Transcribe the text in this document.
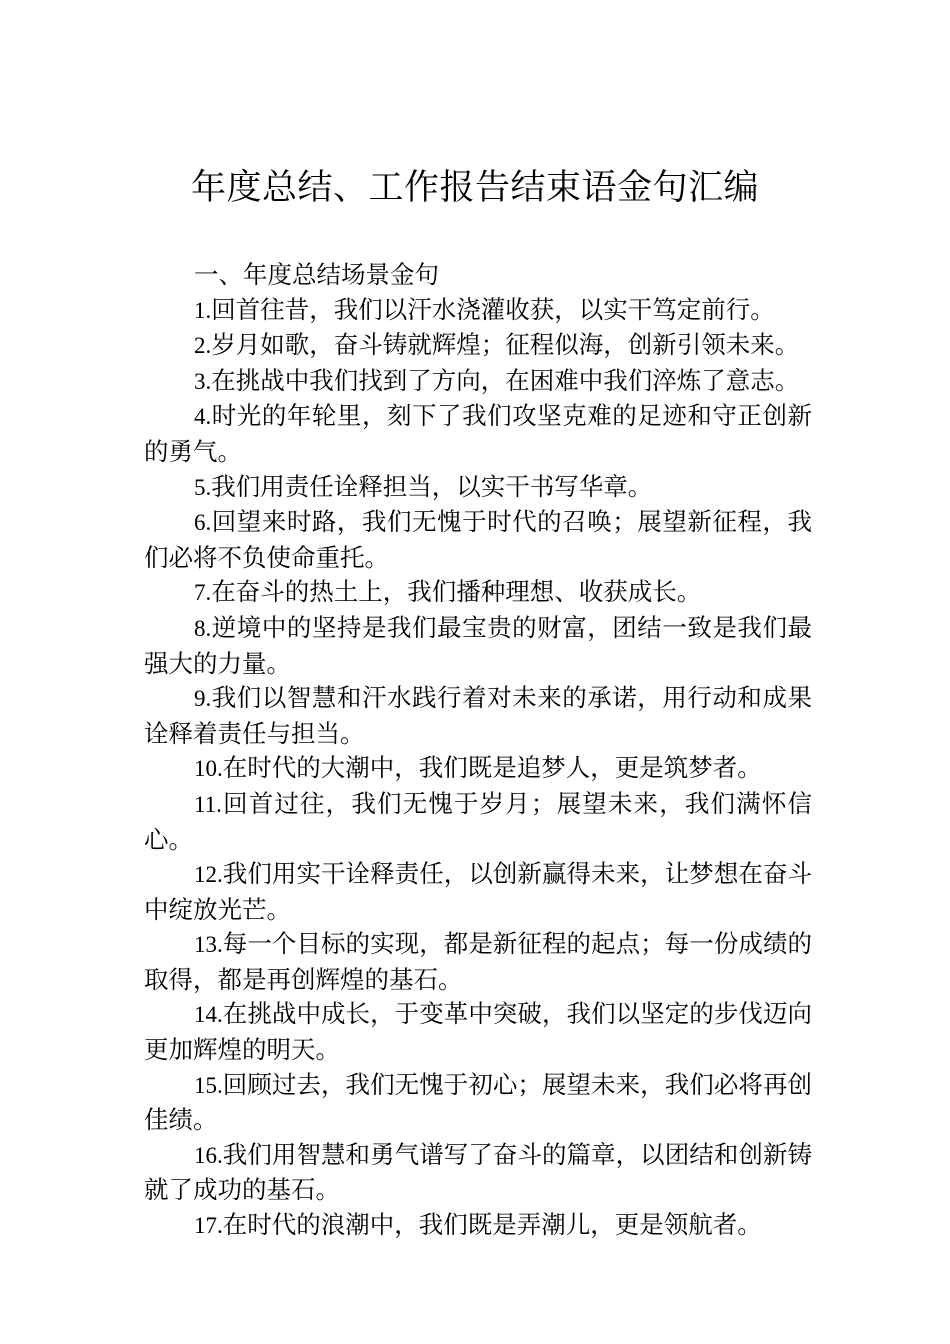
年度总结、工作报告结束语金句汇编
一、年度总结场景金句

1.回首往昔，我们以汗水浇灌收获，以实干笃定前行。

2.岁月如歌，奋斗铸就辉煌；征程似海，创新引领未来。

3.在挑战中我们找到了方向，在困难中我们淬炼了意志。

4.时光的年轮里，刻下了我们攻坚克难的足迹和守正创新的勇气。

5.我们用责任诠释担当，以实干书写华章。

6.回望来时路，我们无愧于时代的召唤；展望新征程，我们必将不负使命重托。

7.在奋斗的热土上，我们播种理想、收获成长。

8.逆境中的坚持是我们最宝贵的财富，团结一致是我们最强大的力量。

9.我们以智慧和汗水践行着对未来的承诺，用行动和成果诠释着责任与担当。

10.在时代的大潮中，我们既是追梦人，更是筑梦者。

11.回首过往，我们无愧于岁月；展望未来，我们满怀信心。

12.我们用实干诠释责任，以创新赢得未来，让梦想在奋斗中绽放光芒。

13.每一个目标的实现，都是新征程的起点；每一份成绩的取得，都是再创辉煌的基石。

14.在挑战中成长，于变革中突破，我们以坚定的步伐迈向更加辉煌的明天。

15.回顾过去，我们无愧于初心；展望未来，我们必将再创佳绩。

16.我们用智慧和勇气谱写了奋斗的篇章，以团结和创新铸就了成功的基石。

17.在时代的浪潮中，我们既是弄潮儿，更是领航者。
